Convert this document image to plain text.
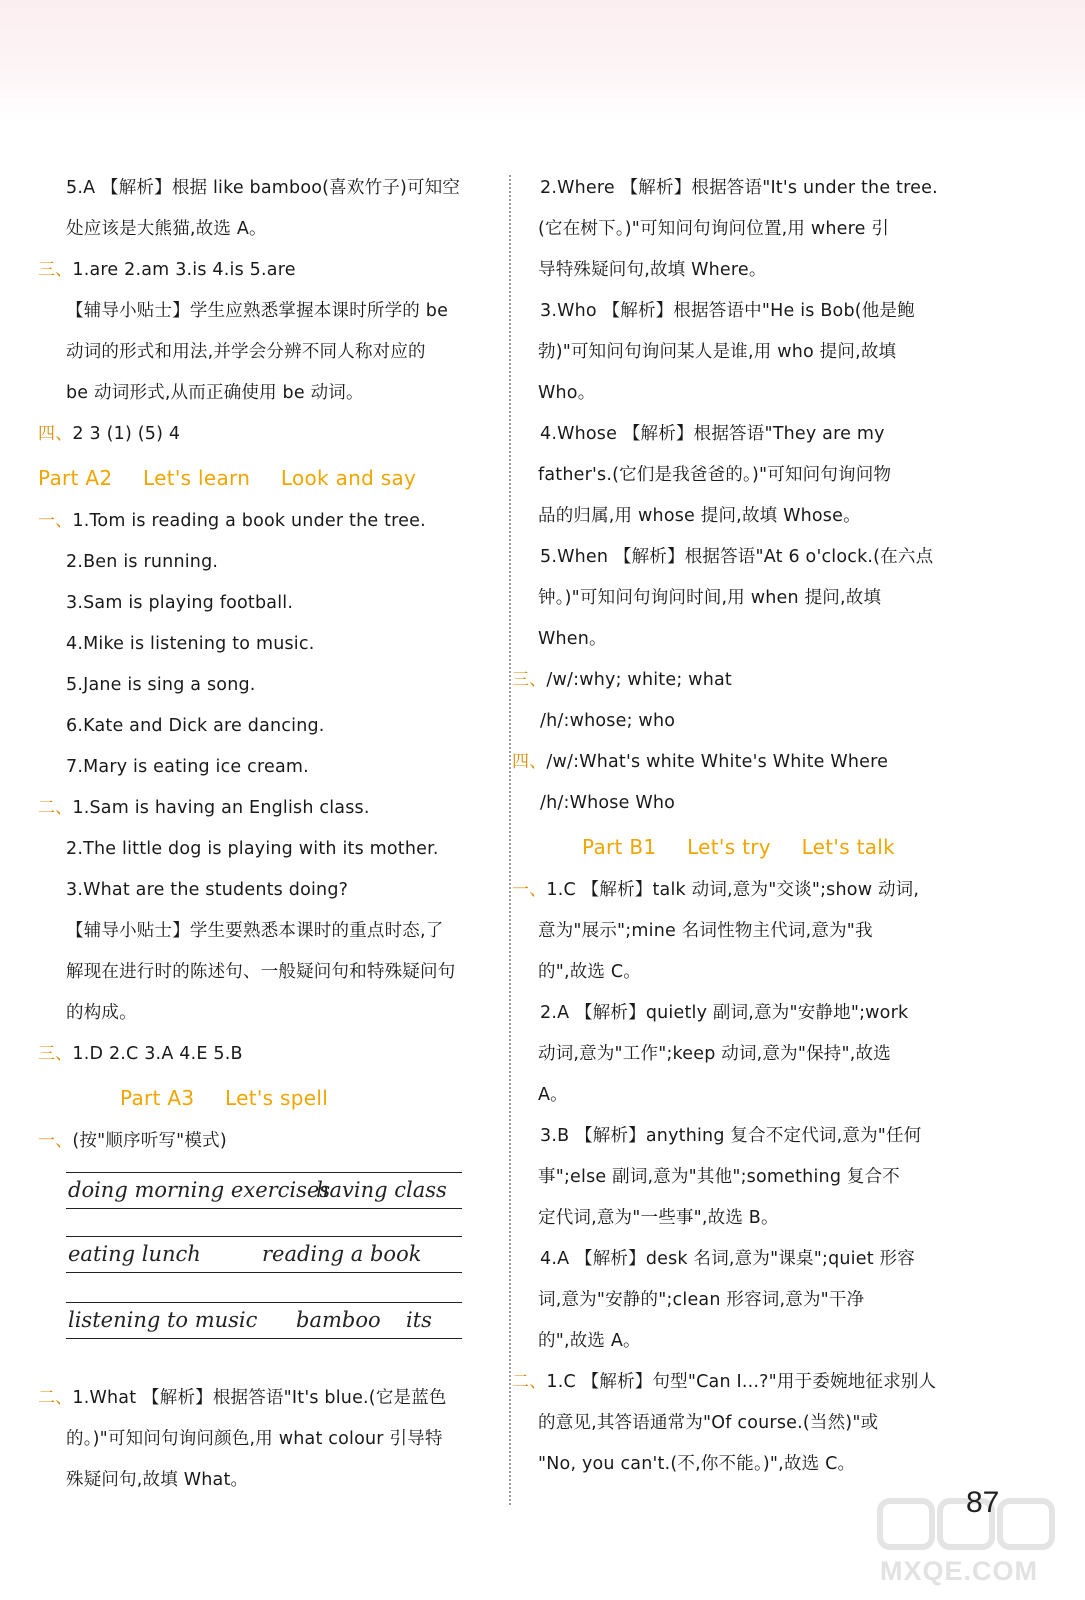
5.A 【解析】根据 like bamboo(喜欢竹子)可知空
处应该是大熊猫,故选 A。
三、1.are 2.am 3.is 4.is 5.are
【辅导小贴士】学生应熟悉掌握本课时所学的 be
动词的形式和用法,并学会分辨不同人称对应的
be 动词形式,从而正确使用 be 动词。
四、2 3 (1) (5) 4
Part A2 Let's learn Look and say
一、1.Tom is reading a book under the tree.
2.Ben is running.
3.Sam is playing football.
4.Mike is listening to music.
5.Jane is sing a song.
6.Kate and Dick are dancing.
7.Mary is eating ice cream.
二、1.Sam is having an English class.
2.The little dog is playing with its mother.
3.What are the students doing?
【辅导小贴士】学生要熟悉本课时的重点时态,了
解现在进行时的陈述句、一般疑问句和特殊疑问句
的构成。
三、1.D 2.C 3.A 4.E 5.B
Part A3 Let's spell
一、(按"顺序听写"模式)
doing morning exercises
having class
eating lunch	reading a book
listening to music bamboo its
二、1.What 【解析】根据答语"It's blue.(它是蓝色
的。)"可知问句询问颜色,用 what colour 引导特
殊疑问句,故填 What。
2.Where 【解析】根据答语"It's under the tree.
(它在树下。)"可知问句询问位置,用 where 引
导特殊疑问句,故填 Where。
3.Who 【解析】根据答语中"He is Bob(他是鲍
勃)"可知问句询问某人是谁,用 who 提问,故填
Who。
4.Whose 【解析】根据答语"They are my
father's.(它们是我爸爸的。)"可知问句询问物
品的归属,用 whose 提问,故填 Whose。
5.When 【解析】根据答语"At 6 o'clock.(在六点
钟。)"可知问句询问时间,用 when 提问,故填
When。
三、/w/:why; white; what
/h/:whose; who
四、/w/:What's white White's White Where
/h/:Whose Who
Part B1 Let's try Let's talk
一、1.C 【解析】talk 动词,意为"交谈";show 动词,
意为"展示";mine 名词性物主代词,意为"我
的",故选 C。
2.A 【解析】quietly 副词,意为"安静地";work
动词,意为"工作";keep 动词,意为"保持",故选
A。
3.B 【解析】anything 复合不定代词,意为"任何
事";else 副词,意为"其他";something 复合不
定代词,意为"一些事",故选 B。
4.A 【解析】desk 名词,意为"课桌";quiet 形容
词,意为"安静的";clean 形容词,意为"干净
的",故选 A。
二、1.C 【解析】句型"Can I...?"用于委婉地征求别人
的意见,其答语通常为"Of course.(当然)"或
"No, you can't.(不,你不能。)",故选 C。
87
MXQE.COM
